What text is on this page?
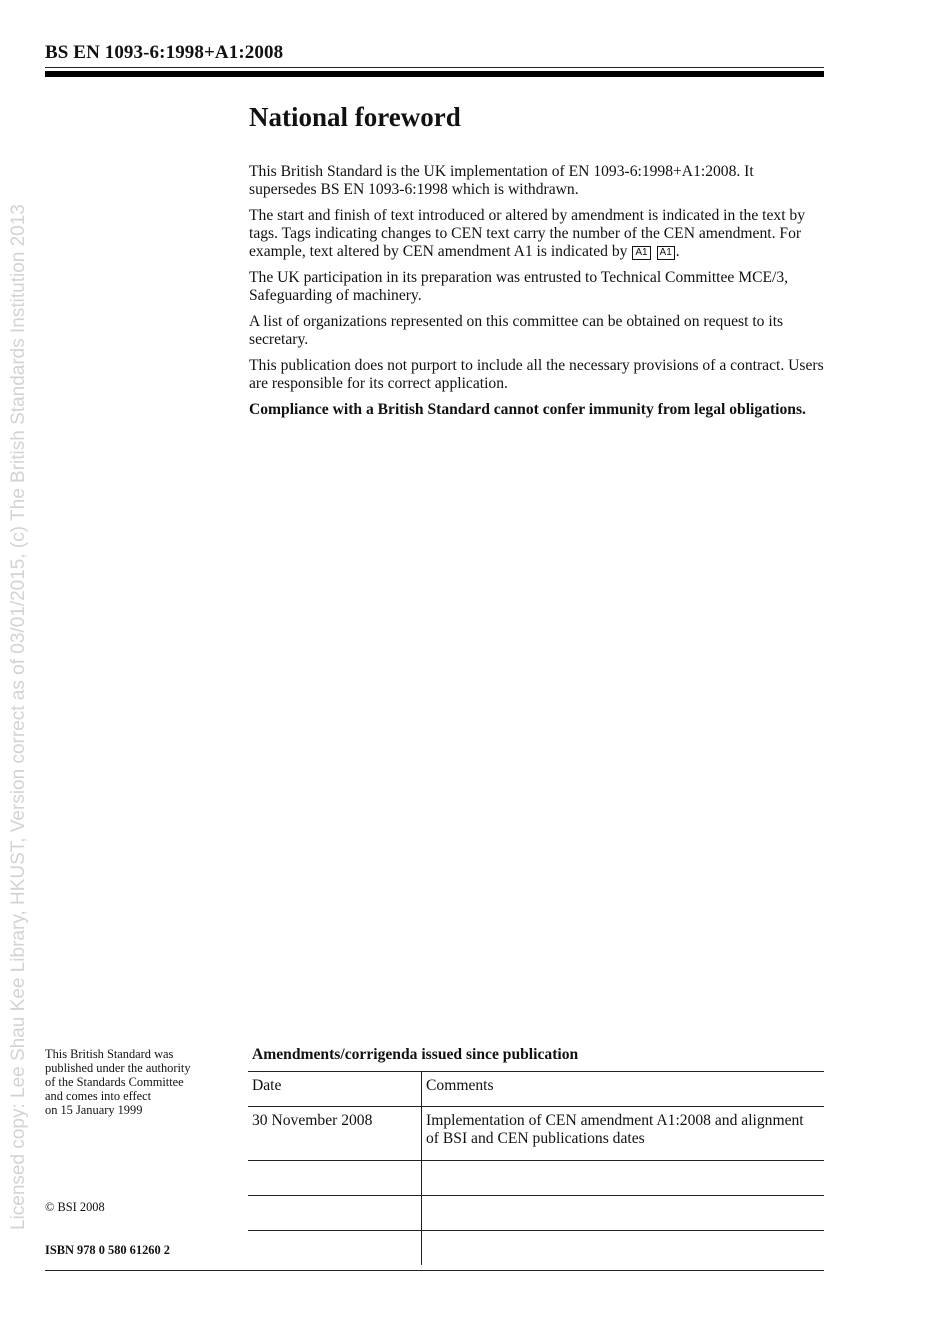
BS EN 1093-6:1998+A1:2008
Licensed copy: Lee Shau Kee Library, HKUST, Version correct as of 03/01/2015, (c) The British Standards Institution 2013
National foreword

This British Standard is the UK implementation of EN 1093-6:1998+A1:2008. It supersedes BS EN 1093-6:1998 which is withdrawn.

The start and finish of text introduced or altered by amendment is indicated in the text by tags. Tags indicating changes to CEN text carry the number of the CEN amendment. For example, text altered by CEN amendment A1 is indicated by A1 A1 .

The UK participation in its preparation was entrusted to Technical Committee MCE/3, Safeguarding of machinery.

A list of organizations represented on this committee can be obtained on request to its secretary.

This publication does not purport to include all the necessary provisions of a contract. Users are responsible for its correct application.

Compliance with a British Standard cannot confer immunity from legal obligations.

This British Standard was
published under the authority
of the Standards Committee
and comes into effect
on 15 January 1999
© BSI 2008
ISBN 978 0 580 61260 2
Amendments/corrigenda issued since publication
Date	Comments
30 November 2008	Implementation of CEN amendment A1:2008 and alignment of BSI and CEN publications dates
